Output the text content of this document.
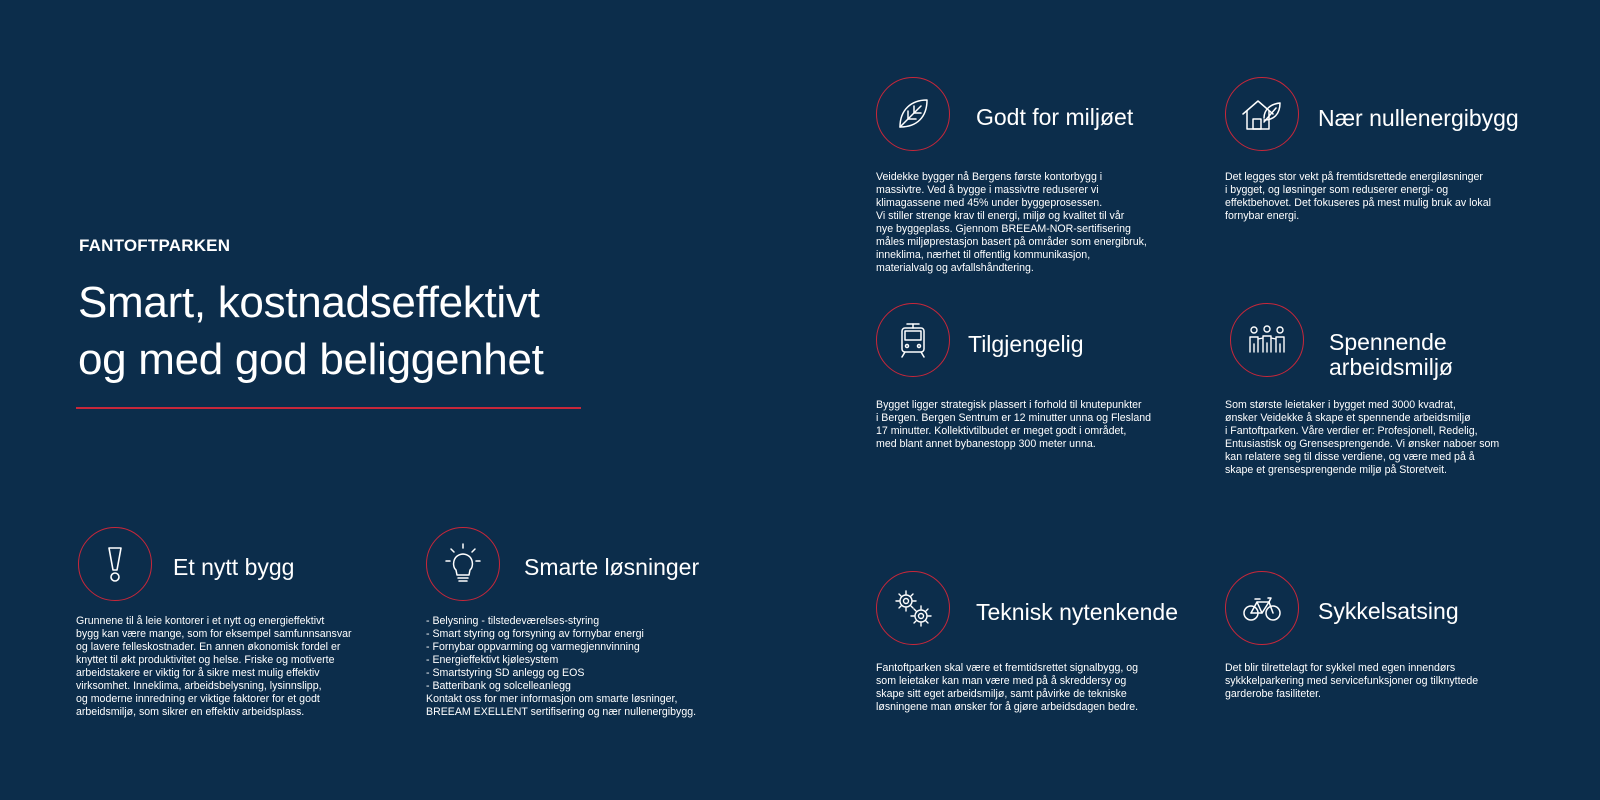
FANTOFTPARKEN
Smart, kostnadseffektivt
og med god beliggenhet
Godt for miljøet
Veidekke bygger nå Bergens første kontorbygg i
massivtre. Ved å bygge i massivtre reduserer vi
klimagassene med 45% under byggeprosessen.
Vi stiller strenge krav til energi, miljø og kvalitet til vår
nye byggeplass. Gjennom BREEAM-NOR-sertifisering
måles miljøprestasjon basert på områder som energibruk,
inneklima, nærhet til offentlig kommunikasjon,
materialvalg og avfallshåndtering.
Nær nullenergibygg
Det legges stor vekt på fremtidsrettede energiløsninger
i bygget, og løsninger som reduserer energi- og
effektbehovet. Det fokuseres på mest mulig bruk av lokal
fornybar energi.
Tilgjengelig
Bygget ligger strategisk plassert i forhold til knutepunkter
i Bergen. Bergen Sentrum er 12 minutter unna og Flesland
17 minutter. Kollektivtilbudet er meget godt i området,
med blant annet bybanestopp 300 meter unna.
Spennende
arbeidsmiljø
Som største leietaker i bygget med 3000 kvadrat,
ønsker Veidekke å skape et spennende arbeidsmiljø
i Fantoftparken. Våre verdier er: Profesjonell, Redelig,
Entusiastisk og Grensesprengende. Vi ønsker naboer som
kan relatere seg til disse verdiene, og være med på å
skape et grensesprengende miljø på Storetveit.
Et nytt bygg
Grunnene til å leie kontorer i et nytt og energieffektivt
bygg kan være mange, som for eksempel samfunnsansvar
og lavere felleskostnader. En annen økonomisk fordel er
knyttet til økt produktivitet og helse. Friske og motiverte
arbeidstakere er viktig for å sikre mest mulig effektiv
virksomhet. Inneklima, arbeidsbelysning, lysinnslipp,
og moderne innredning er viktige faktorer for et godt
arbeidsmiljø, som sikrer en effektiv arbeidsplass.
Smarte løsninger
- Belysning - tilstedeværelses-styring
- Smart styring og forsyning av fornybar energi
- Fornybar oppvarming og varmegjennvinning
- Energieffektivt kjølesystem
- Smartstyring SD anlegg og EOS
- Batteribank og solcelleanlegg
Kontakt oss for mer informasjon om smarte løsninger,
BREEAM EXELLENT sertifisering og nær nullenergibygg.
Teknisk nytenkende
Fantoftparken skal være et fremtidsrettet signalbygg, og
som leietaker kan man være med på å skreddersy og
skape sitt eget arbeidsmiljø, samt påvirke de tekniske
løsningene man ønsker for å gjøre arbeidsdagen bedre.
Sykkelsatsing
Det blir tilrettelagt for sykkel med egen innendørs
sykkkelparkering med servicefunksjoner og tilknyttede
garderobe fasiliteter.
